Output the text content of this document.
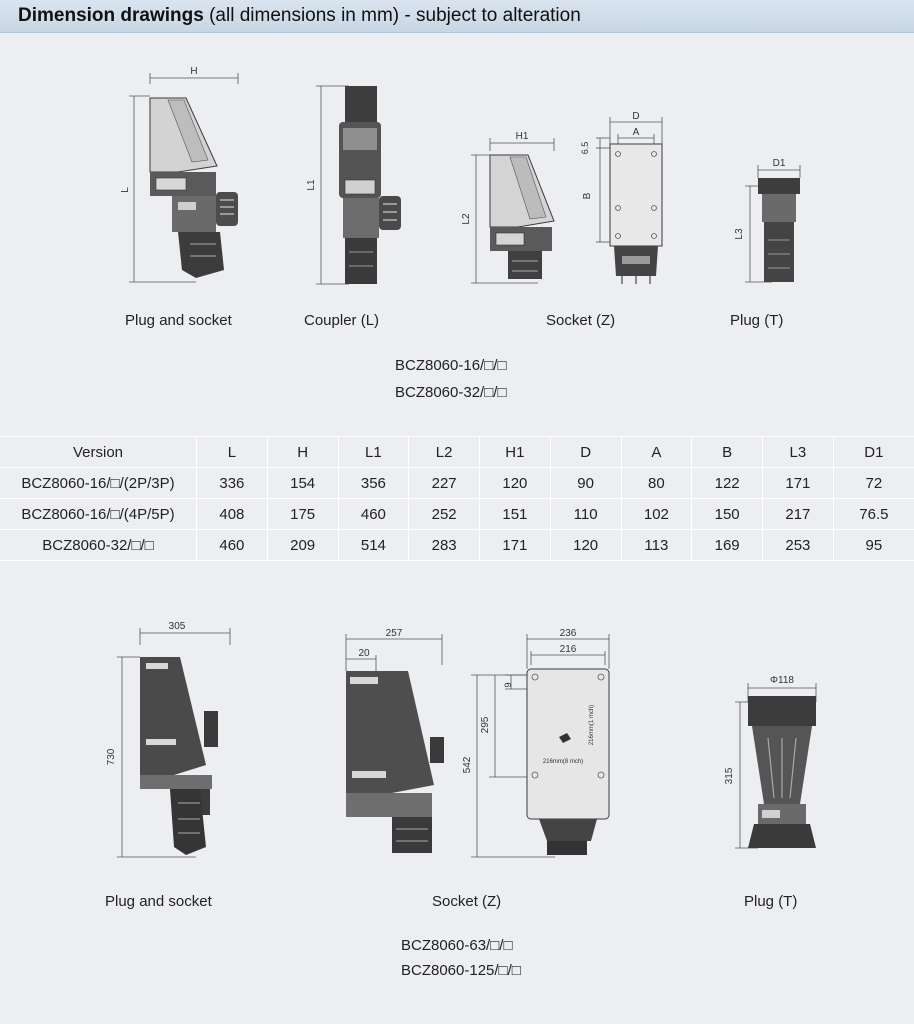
Dimension drawings (all dimensions in mm) - subject to alteration
H
L	L1
H1
L2
D
A
6.5
B
D1
L3
Plug and socket	Coupler (L)	Socket (Z)	Plug (T)
BCZ8060-16/□/□
BCZ8060-32/□/□
Version	L	H	L1	L2	H1	D	A	B	L3	D1
BCZ8060-16/□/(2P/3P)	336	154	356	227	120	90	80	122	171	72
BCZ8060-16/□/(4P/5P)	408	175	460	252	151	110	102	150	217	76.5
BCZ8060-32/□/□	460	209	514	283	171	120	113	169	253	95
305
730
257
20
236
216
9
295
542
216mm(1 mch)
216mm(8 mch)
Φ118
315
Plug and socket	Socket (Z)	Plug (T)
BCZ8060-63/□/□
BCZ8060-125/□/□
